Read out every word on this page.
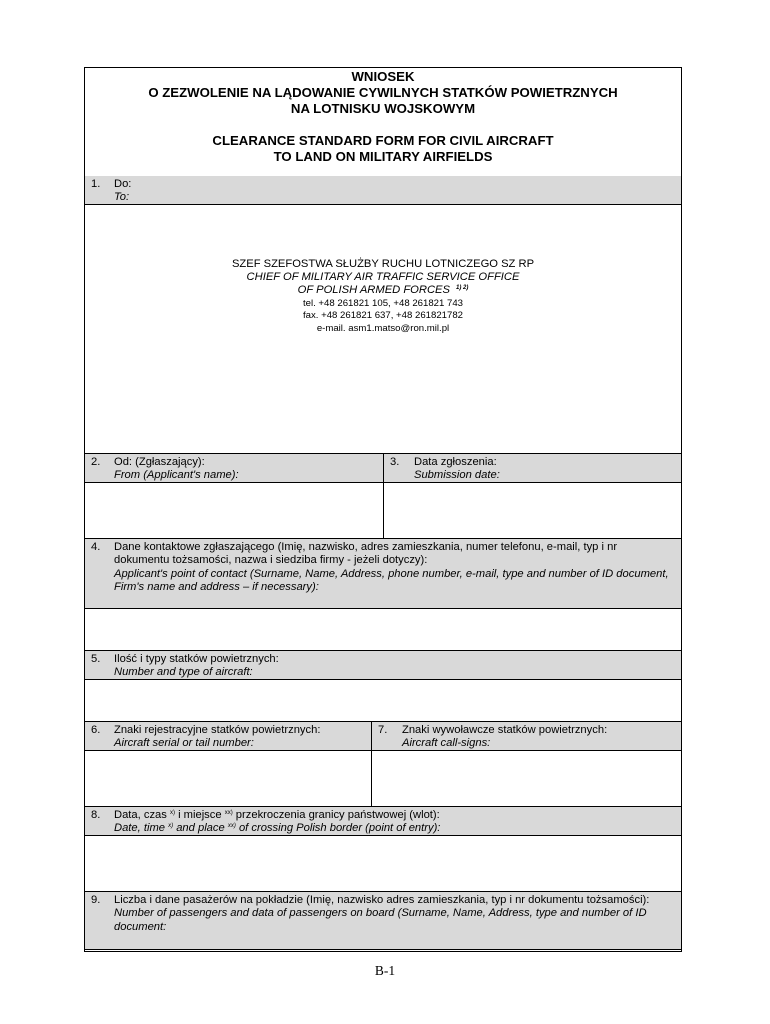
WNIOSEK
O ZEZWOLENIE NA LĄDOWANIE CYWILNYCH STATKÓW POWIETRZNYCH
NA LOTNISKU WOJSKOWYM
CLEARANCE STANDARD FORM FOR CIVIL AIRCRAFT
TO LAND ON MILITARY AIRFIELDS
1. Do:
To:
SZEF SZEFOSTWA SŁUŻBY RUCHU LOTNICZEGO SZ RP
CHIEF OF MILITARY AIR TRAFFIC SERVICE OFFICE
OF POLISH ARMED FORCES $^{1) 2)}$
tel. +48 261821 105, +48 261821 743
fax. +48 261821 637, +48 261821782
e-mail. asm1.matso@ron.mil.pl
2. Od: (Zgłaszający):
From (Applicant's name):
3. Data zgłoszenia:
Submission date:
4. Dane kontaktowe zgłaszającego (Imię, nazwisko, adres zamieszkania, numer telefonu, e-mail, typ i nr dokumentu tożsamości, nazwa i siedziba firmy - jeżeli dotyczy):
Applicant's point of contact (Surname, Name, Address, phone number, e-mail, type and number of ID document,
Firm's name and address – if necessary):
5. Ilość i typy statków powietrznych:
Number and type of aircraft:
6. Znaki rejestracyjne statków powietrznych:
Aircraft serial or tail number:
7. Znaki wywoławcze statków powietrznych:
Aircraft call-signs:
8. Data, czas $^{x)}$ i miejsce $^{xx)}$ przekroczenia granicy państwowej (wlot):
Date, time $^{x)}$ and place $^{xx)}$ of crossing Polish border (point of entry):
9. Liczba i dane pasażerów na pokładzie (Imię, nazwisko adres zamieszkania, typ i nr dokumentu tożsamości):
Number of passengers and data of passengers on board (Surname, Name, Address, type and number of ID document:
B-1
